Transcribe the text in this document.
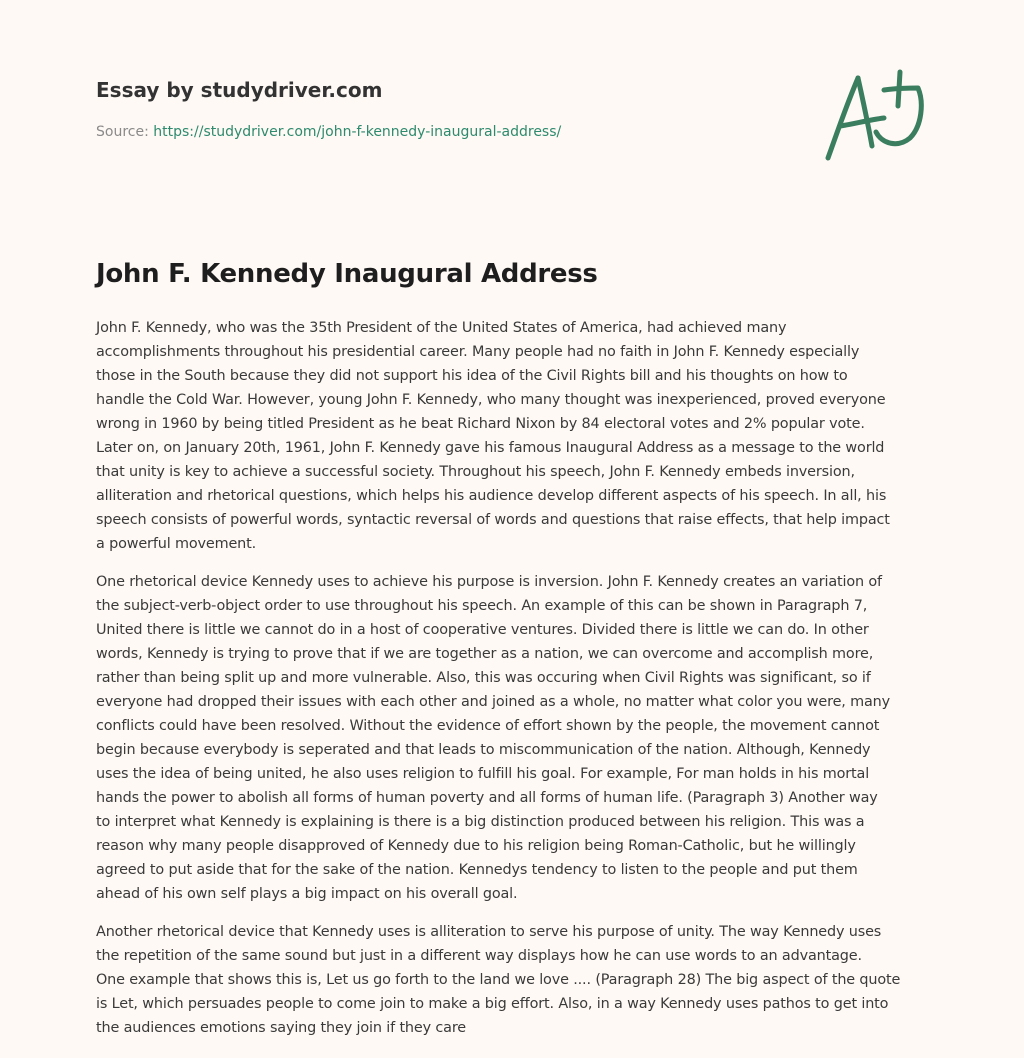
Essay by studydriver.com
Source: https://studydriver.com/john-f-kennedy-inaugural-address/
John F. Kennedy Inaugural Address

John F. Kennedy, who was the 35th President of the United States of America, had achieved many
accomplishments throughout his presidential career. Many people had no faith in John F. Kennedy especially
those in the South because they did not support his idea of the Civil Rights bill and his thoughts on how to
handle the Cold War. However, young John F. Kennedy, who many thought was inexperienced, proved everyone
wrong in 1960 by being titled President as he beat Richard Nixon by 84 electoral votes and 2% popular vote.
Later on, on January 20th, 1961, John F. Kennedy gave his famous Inaugural Address as a message to the world
that unity is key to achieve a successful society. Throughout his speech, John F. Kennedy embeds inversion,
alliteration and rhetorical questions, which helps his audience develop different aspects of his speech. In all, his
speech consists of powerful words, syntactic reversal of words and questions that raise effects, that help impact
a powerful movement.

One rhetorical device Kennedy uses to achieve his purpose is inversion. John F. Kennedy creates an variation of
the subject-verb-object order to use throughout his speech. An example of this can be shown in Paragraph 7,
United there is little we cannot do in a host of cooperative ventures. Divided there is little we can do. In other
words, Kennedy is trying to prove that if we are together as a nation, we can overcome and accomplish more,
rather than being split up and more vulnerable. Also, this was occuring when Civil Rights was significant, so if
everyone had dropped their issues with each other and joined as a whole, no matter what color you were, many
conflicts could have been resolved. Without the evidence of effort shown by the people, the movement cannot
begin because everybody is seperated and that leads to miscommunication of the nation. Although, Kennedy
uses the idea of being united, he also uses religion to fulfill his goal. For example, For man holds in his mortal
hands the power to abolish all forms of human poverty and all forms of human life. (Paragraph 3) Another way
to interpret what Kennedy is explaining is there is a big distinction produced between his religion. This was a
reason why many people disapproved of Kennedy due to his religion being Roman-Catholic, but he willingly
agreed to put aside that for the sake of the nation. Kennedys tendency to listen to the people and put them
ahead of his own self plays a big impact on his overall goal.

Another rhetorical device that Kennedy uses is alliteration to serve his purpose of unity. The way Kennedy uses
the repetition of the same sound but just in a different way displays how he can use words to an advantage.
One example that shows this is, Let us go forth to the land we love .... (Paragraph 28) The big aspect of the quote
is Let, which persuades people to come join to make a big effort. Also, in a way Kennedy uses pathos to get into
the audiences emotions saying they join if they care
